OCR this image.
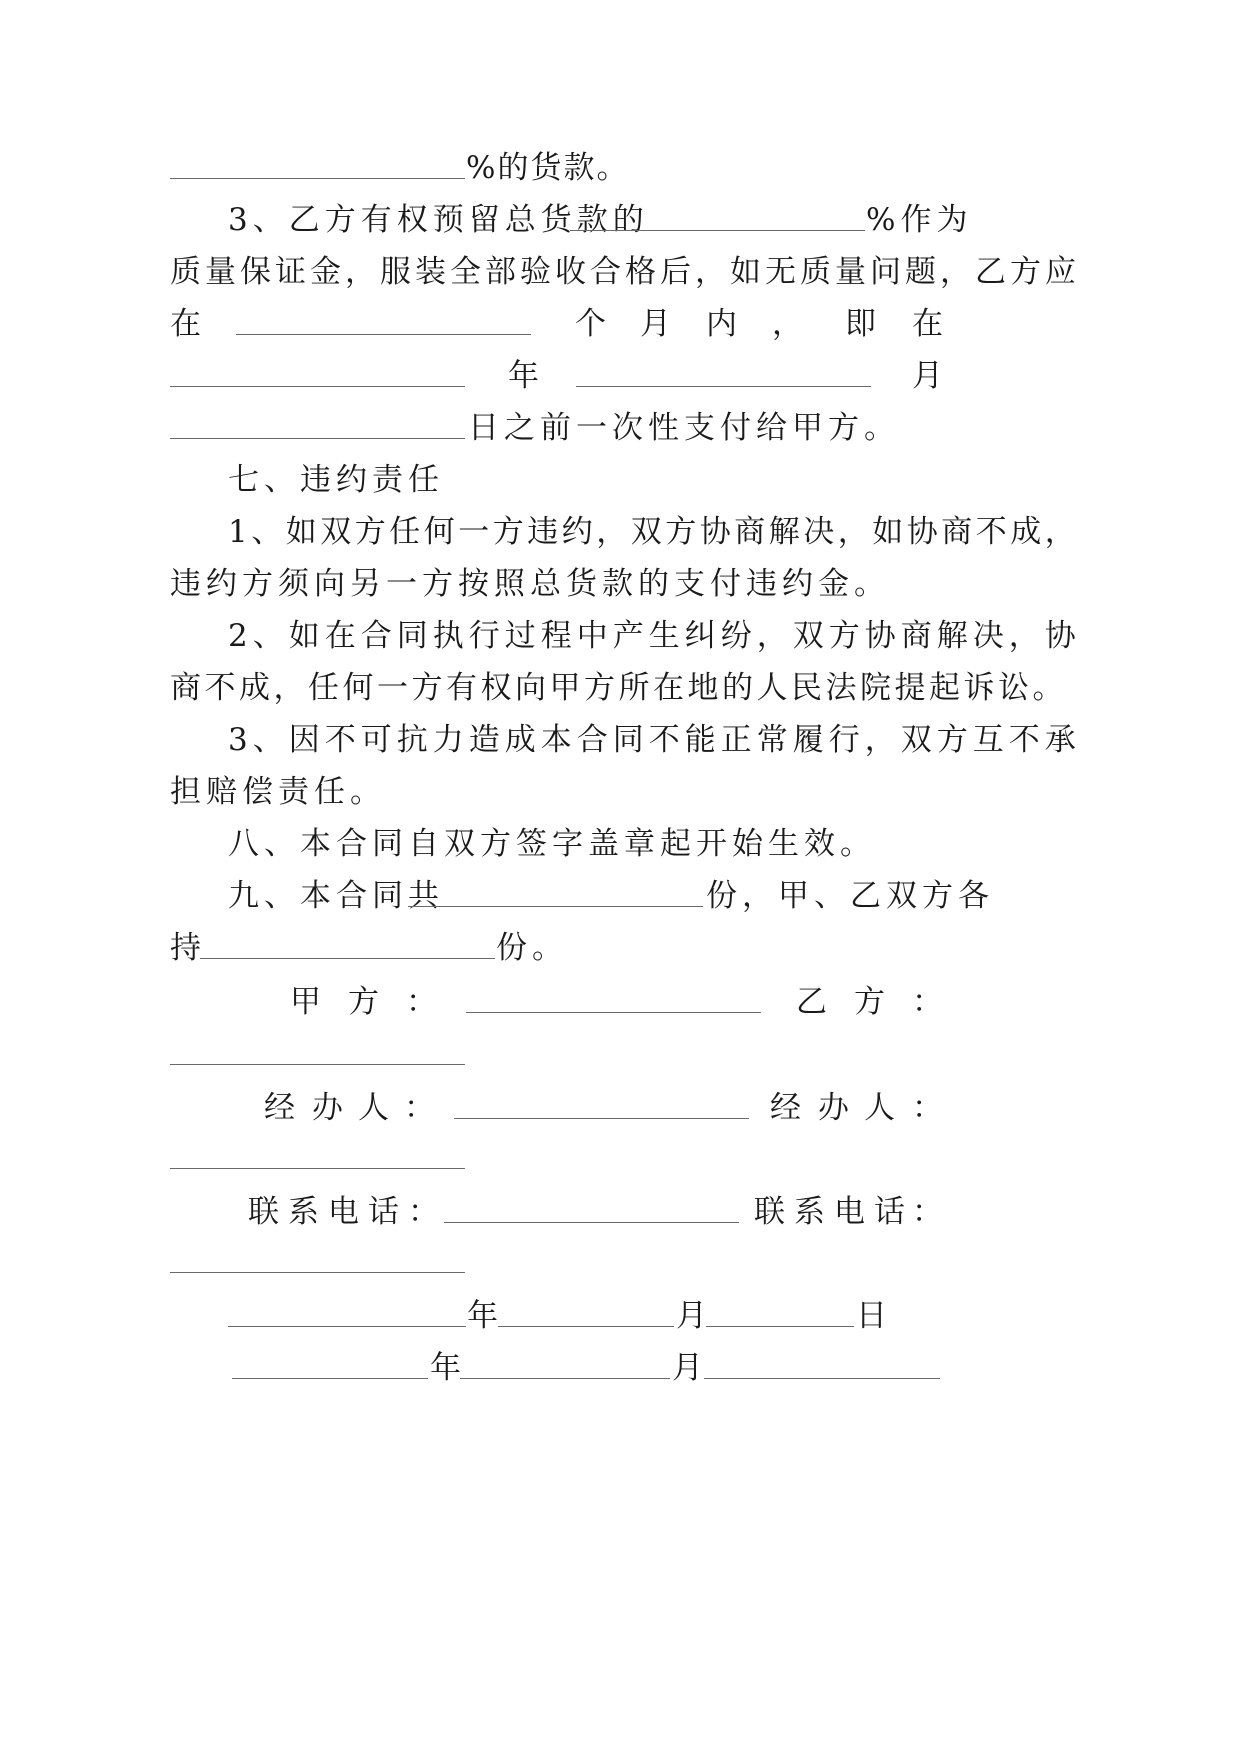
%的货款。
3、乙方有权预留总货款的	%作为
质量保证金，服装全部验收合格后，如无质量问题，乙方应
在	个 月 内 ， 即 在
年	月
日之前一次性支付给甲方。
七、违约责任
1、如双方任何一方违约，双方协商解决，如协商不成，
违约方须向另一方按照总货款的支付违约金。
2、如在合同执行过程中产生纠纷，双方协商解决，协
商不成，任何一方有权向甲方所在地的人民法院提起诉讼。
3、因不可抗力造成本合同不能正常履行，双方互不承
担赔偿责任。
八、本合同自双方签字盖章起开始生效。
九、本合同共	份，甲、乙双方各
持	份。
甲 方 ：	乙 方 ：
经 办 人 ：	经 办 人 ：
联 系 电 话 ：	联 系 电 话 ：
年	月	日
年	月
